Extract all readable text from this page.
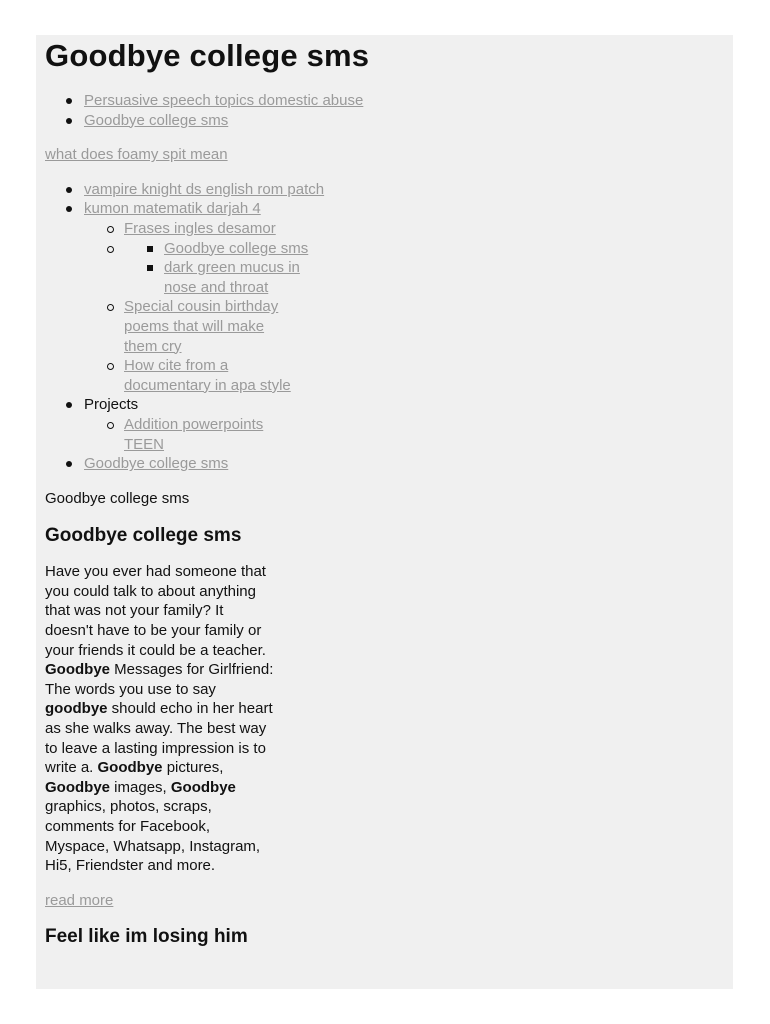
Goodbye college sms
Persuasive speech topics domestic abuse
Goodbye college sms

what does foamy spit mean

vampire knight ds english rom patch
kumon matematik darjah 4
Frases ingles desamor
Goodbye college sms
dark green mucus in nose and throat
Special cousin birthday poems that will make them cry
How cite from a documentary in apa style
Projects
Addition powerpoints TEEN
Goodbye college sms

Goodbye college sms

Goodbye college sms

Have you ever had someone that you could talk to about anything that was not your family? It doesn't have to be your family or your friends it could be a teacher. Goodbye Messages for Girlfriend: The words you use to say goodbye should echo in her heart as she walks away. The best way to leave a lasting impression is to write a. Goodbye pictures, Goodbye images, Goodbye graphics, photos, scraps, comments for Facebook, Myspace, Whatsapp, Instagram, Hi5, Friendster and more.

read more

Feel like im losing him
